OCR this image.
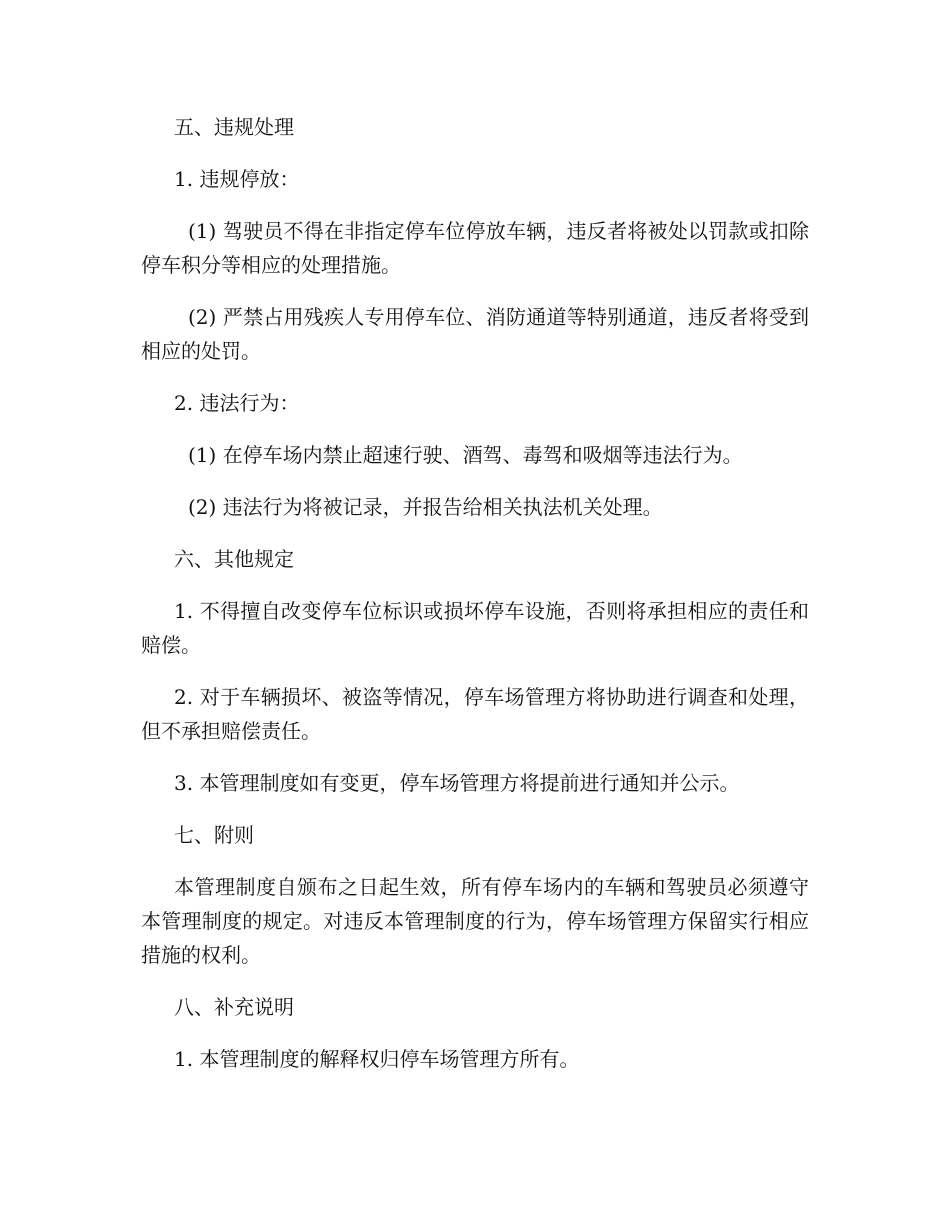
五、违规处理

1. 违规停放：

(1) 驾驶员不得在非指定停车位停放车辆，违反者将被处以罚款或扣除停车积分等相应的处理措施。

(2) 严禁占用残疾人专用停车位、消防通道等特别通道，违反者将受到相应的处罚。

2. 违法行为：

(1) 在停车场内禁止超速行驶、酒驾、毒驾和吸烟等违法行为。

(2) 违法行为将被记录，并报告给相关执法机关处理。

六、其他规定

1. 不得擅自改变停车位标识或损坏停车设施，否则将承担相应的责任和赔偿。

2. 对于车辆损坏、被盗等情况，停车场管理方将协助进行调查和处理，但不承担赔偿责任。

3. 本管理制度如有变更，停车场管理方将提前进行通知并公示。

七、附则

本管理制度自颁布之日起生效，所有停车场内的车辆和驾驶员必须遵守本管理制度的规定。对违反本管理制度的行为，停车场管理方保留实行相应措施的权利。

八、补充说明

1. 本管理制度的解释权归停车场管理方所有。
